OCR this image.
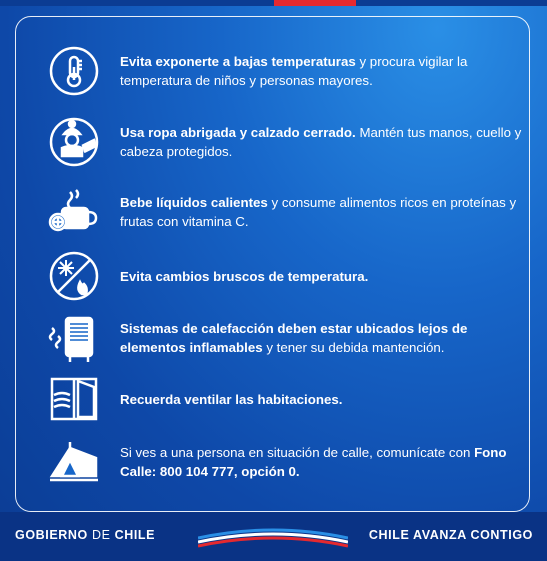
Evita exponerte a bajas temperaturas y procura vigilar la temperatura de niños y personas mayores.
Usa ropa abrigada y calzado cerrado. Mantén tus manos, cuello y cabeza protegidos.
Bebe líquidos calientes y consume alimentos ricos en proteínas y frutas con vitamina C.
Evita cambios bruscos de temperatura.
Sistemas de calefacción deben estar ubicados lejos de elementos inflamables y tener su debida mantención.
Recuerda ventilar las habitaciones.
Si ves a una persona en situación de calle, comunícate con Fono Calle: 800 104 777, opción 0.
GOBIERNO DE CHILE	CHILE AVANZA CONTIGO
